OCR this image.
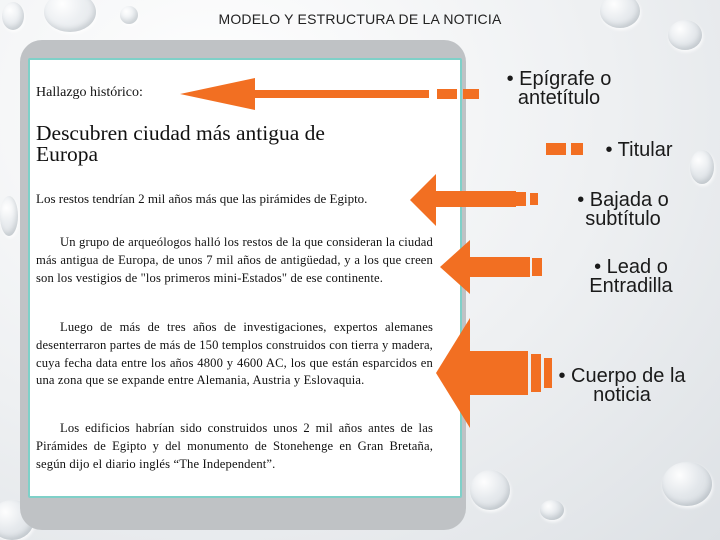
MODELO Y ESTRUCTURA DE LA NOTICIA
Hallazgo histórico:
Descubren ciudad más antigua de Europa
Los restos tendrían 2 mil años más que las pirámides de Egipto.
Un grupo de arqueólogos halló los restos de la que consideran la ciudad más antigua de Europa, de unos 7 mil años de antigüedad, y a los que creen son los vestigios de "los primeros mini-Estados" de ese continente.
Luego de más de tres años de investigaciones, expertos alemanes desenterraron partes de más de 150 templos construidos con tierra y madera, cuya fecha data entre los años 4800 y 4600 AC, los que están esparcidos en una zona que se expande entre Alemania, Austria y Eslovaquia.
Los edificios habrían sido construidos unos 2 mil años antes de las Pirámides de Egipto y del monumento de Stonehenge en Gran Bretaña, según dijo el diario inglés “The Independent”.
• Epígrafe o antetítulo
• Titular
• Bajada o subtítulo
• Lead o Entradilla
• Cuerpo de la noticia
